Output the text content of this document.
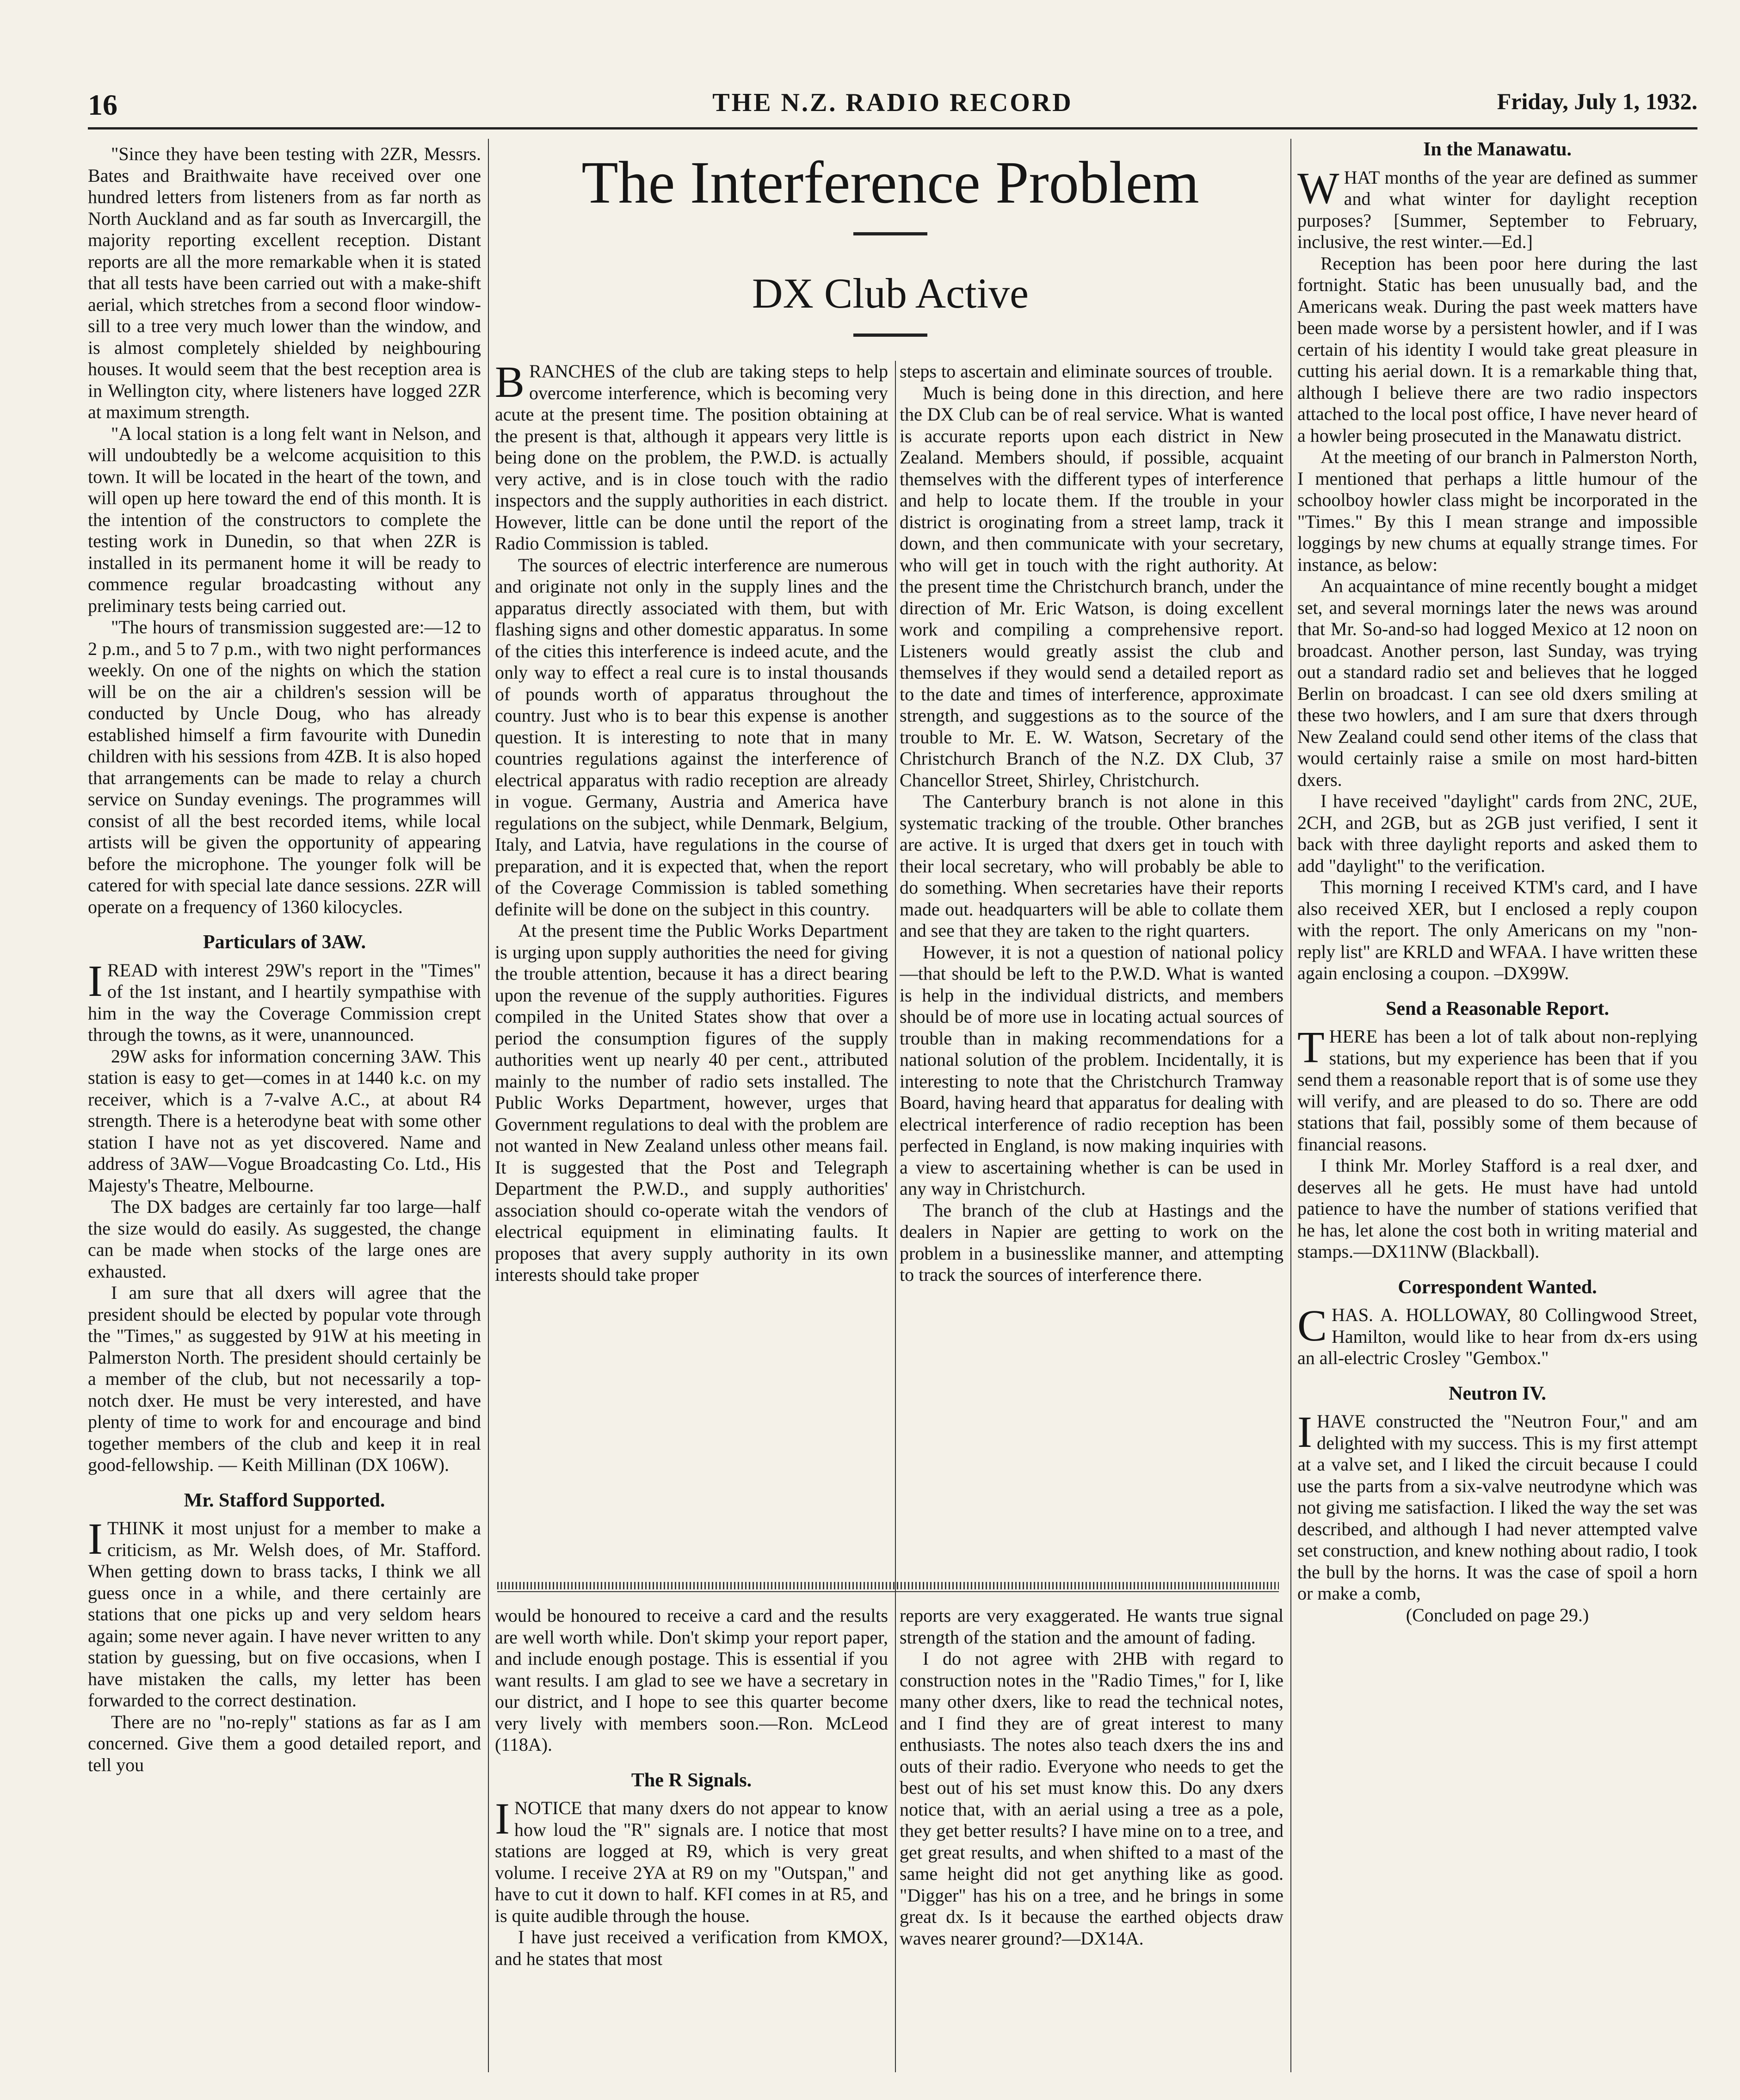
16	THE N.Z. RADIO RECORD	Friday, July 1, 1932.

"Since they have been testing with 2ZR, Messrs. Bates and Braithwaite have received over one hundred letters from listeners from as far north as North Auckland and as far south as Invercargill, the majority reporting excellent reception. Distant reports are all the more remarkable when it is stated that all tests have been carried out with a make-shift aerial, which stretches from a second floor window-sill to a tree very much lower than the window, and is almost completely shielded by neighbouring houses. It would seem that the best reception area is in Wellington city, where listeners have logged 2ZR at maximum strength.

"A local station is a long felt want in Nelson, and will undoubtedly be a welcome acquisition to this town. It will be located in the heart of the town, and will open up here toward the end of this month. It is the intention of the constructors to complete the testing work in Dunedin, so that when 2ZR is installed in its permanent home it will be ready to commence regular broadcasting without any preliminary tests being carried out.

"The hours of transmission suggested are:—12 to 2 p.m., and 5 to 7 p.m., with two night performances weekly. On one of the nights on which the station will be on the air a children's session will be conducted by Uncle Doug, who has already established himself a firm favourite with Dunedin children with his sessions from 4ZB. It is also hoped that arrangements can be made to relay a church service on Sunday evenings. The programmes will consist of all the best recorded items, while local artists will be given the opportunity of appearing before the microphone. The younger folk will be catered for with special late dance sessions. 2ZR will operate on a frequency of 1360 kilocycles.

Particulars of 3AW.

IREAD with interest 29W's report in the "Times" of the 1st instant, and I heartily sympathise with him in the way the Coverage Commission crept through the towns, as it were, unannounced.

29W asks for information concerning 3AW. This station is easy to get—comes in at 1440 k.c. on my receiver, which is a 7-valve A.C., at about R4 strength. There is a heterodyne beat with some other station I have not as yet discovered. Name and address of 3AW—Vogue Broadcasting Co. Ltd., His Majesty's Theatre, Melbourne.

The DX badges are certainly far too large—half the size would do easily. As suggested, the change can be made when stocks of the large ones are exhausted.

I am sure that all dxers will agree that the president should be elected by popular vote through the "Times," as suggested by 91W at his meeting in Palmerston North. The president should certainly be a member of the club, but not necessarily a top-notch dxer. He must be very interested, and have plenty of time to work for and encourage and bind together members of the club and keep it in real good-fellowship. — Keith Millinan (DX 106W).

Mr. Stafford Supported.

ITHINK it most unjust for a member to make a criticism, as Mr. Welsh does, of Mr. Stafford. When getting down to brass tacks, I think we all guess once in a while, and there certainly are stations that one picks up and very seldom hears again; some never again. I have never written to any station by guessing, but on five occasions, when I have mistaken the calls, my letter has been forwarded to the correct destination.

There are no "no-reply" stations as far as I am concerned. Give them a good detailed report, and tell you

The Interference Problem
DX Club Active

BRANCHES of the club are taking steps to help overcome interference, which is becoming very acute at the present time. The position obtaining at the present is that, although it appears very little is being done on the problem, the P.W.D. is actually very active, and is in close touch with the radio inspectors and the supply authorities in each district. However, little can be done until the report of the Radio Commission is tabled.

The sources of electric interference are numerous and originate not only in the supply lines and the apparatus directly associated with them, but with flashing signs and other domestic apparatus. In some of the cities this interference is indeed acute, and the only way to effect a real cure is to instal thousands of pounds worth of apparatus throughout the country. Just who is to bear this expense is another question. It is interesting to note that in many countries regulations against the interference of electrical apparatus with radio reception are already in vogue. Germany, Austria and America have regulations on the subject, while Denmark, Belgium, Italy, and Latvia, have regulations in the course of preparation, and it is expected that, when the report of the Coverage Commission is tabled something definite will be done on the subject in this country.

At the present time the Public Works Department is urging upon supply authorities the need for giving the trouble attention, because it has a direct bearing upon the revenue of the supply authorities. Figures compiled in the United States show that over a period the consumption figures of the supply authorities went up nearly 40 per cent., attributed mainly to the number of radio sets installed. The Public Works Department, however, urges that Government regulations to deal with the problem are not wanted in New Zealand unless other means fail. It is suggested that the Post and Telegraph Department the P.W.D., and supply authorities' association should co-operate witah the vendors of electrical equipment in eliminating faults. It proposes that avery supply authority in its own interests should take proper

steps to ascertain and eliminate sources of trouble.

Much is being done in this direction, and here the DX Club can be of real service. What is wanted is accurate reports upon each district in New Zealand. Members should, if possible, acquaint themselves with the different types of interference and help to locate them. If the trouble in your district is oroginating from a street lamp, track it down, and then communicate with your secretary, who will get in touch with the right authority. At the present time the Christchurch branch, under the direction of Mr. Eric Watson, is doing excellent work and compiling a comprehensive report. Listeners would greatly assist the club and themselves if they would send a detailed report as to the date and times of interference, approximate strength, and suggestions as to the source of the trouble to Mr. E. W. Watson, Secretary of the Christchurch Branch of the N.Z. DX Club, 37 Chancellor Street, Shirley, Christchurch.

The Canterbury branch is not alone in this systematic tracking of the trouble. Other branches are active. It is urged that dxers get in touch with their local secretary, who will probably be able to do something. When secretaries have their reports made out. headquarters will be able to collate them and see that they are taken to the right quarters.

However, it is not a question of national policy—that should be left to the P.W.D. What is wanted is help in the individual districts, and members should be of more use in locating actual sources of trouble than in making recommendations for a national solution of the problem. Incidentally, it is interesting to note that the Christchurch Tramway Board, having heard that apparatus for dealing with electrical interference of radio reception has been perfected in England, is now making inquiries with a view to ascertaining whether is can be used in any way in Christchurch.

The branch of the club at Hastings and the dealers in Napier are getting to work on the problem in a businesslike manner, and attempting to track the sources of interference there.

would be honoured to receive a card and the results are well worth while. Don't skimp your report paper, and include enough postage. This is essential if you want results. I am glad to see we have a secretary in our district, and I hope to see this quarter become very lively with members soon.—Ron. McLeod (118A).

The R Signals.

INOTICE that many dxers do not appear to know how loud the "R" signals are. I notice that most stations are logged at R9, which is very great volume. I receive 2YA at R9 on my "Outspan," and have to cut it down to half. KFI comes in at R5, and is quite audible through the house.

I have just received a verification from KMOX, and he states that most

reports are very exaggerated. He wants true signal strength of the station and the amount of fading.

I do not agree with 2HB with regard to construction notes in the "Radio Times," for I, like many other dxers, like to read the technical notes, and I find they are of great interest to many enthusiasts. The notes also teach dxers the ins and outs of their radio. Everyone who needs to get the best out of his set must know this. Do any dxers notice that, with an aerial using a tree as a pole, they get better results? I have mine on to a tree, and get great results, and when shifted to a mast of the same height did not get anything like as good. "Digger" has his on a tree, and he brings in some great dx. Is it because the earthed objects draw waves nearer ground?—DX14A.

In the Manawatu.

WHAT months of the year are defined as summer and what winter for daylight reception purposes? [Summer, September to February, inclusive, the rest winter.—Ed.]

Reception has been poor here during the last fortnight. Static has been unusually bad, and the Americans weak. During the past week matters have been made worse by a persistent howler, and if I was certain of his identity I would take great pleasure in cutting his aerial down. It is a remarkable thing that, although I believe there are two radio inspectors attached to the local post office, I have never heard of a howler being prosecuted in the Manawatu district.

At the meeting of our branch in Palmerston North, I mentioned that perhaps a little humour of the schoolboy howler class might be incorporated in the "Times." By this I mean strange and impossible loggings by new chums at equally strange times. For instance, as below:

An acquaintance of mine recently bought a midget set, and several mornings later the news was around that Mr. So-and-so had logged Mexico at 12 noon on broadcast. Another person, last Sunday, was trying out a standard radio set and believes that he logged Berlin on broadcast. I can see old dxers smiling at these two howlers, and I am sure that dxers through New Zealand could send other items of the class that would certainly raise a smile on most hard-bitten dxers.

I have received "daylight" cards from 2NC, 2UE, 2CH, and 2GB, but as 2GB just verified, I sent it back with three daylight reports and asked them to add "daylight" to the verification.

This morning I received KTM's card, and I have also received XER, but I enclosed a reply coupon with the report. The only Americans on my "non-reply list" are KRLD and WFAA. I have written these again enclosing a coupon. –DX99W.

Send a Reasonable Report.

THERE has been a lot of talk about non-replying stations, but my experience has been that if you send them a reasonable report that is of some use they will verify, and are pleased to do so. There are odd stations that fail, possibly some of them because of financial reasons.

I think Mr. Morley Stafford is a real dxer, and deserves all he gets. He must have had untold patience to have the number of stations verified that he has, let alone the cost both in writing material and stamps.—DX11NW (Blackball).

Correspondent Wanted.

CHAS. A. HOLLOWAY, 80 Collingwood Street, Hamilton, would like to hear from dx-ers using an all-electric Crosley "Gembox."

Neutron IV.

IHAVE constructed the "Neutron Four," and am delighted with my success. This is my first attempt at a valve set, and I liked the circuit because I could use the parts from a six-valve neutrodyne which was not giving me satisfaction. I liked the way the set was described, and although I had never attempted valve set construction, and knew nothing about radio, I took the bull by the horns. It was the case of spoil a horn or make a comb,

(Concluded on page 29.)
